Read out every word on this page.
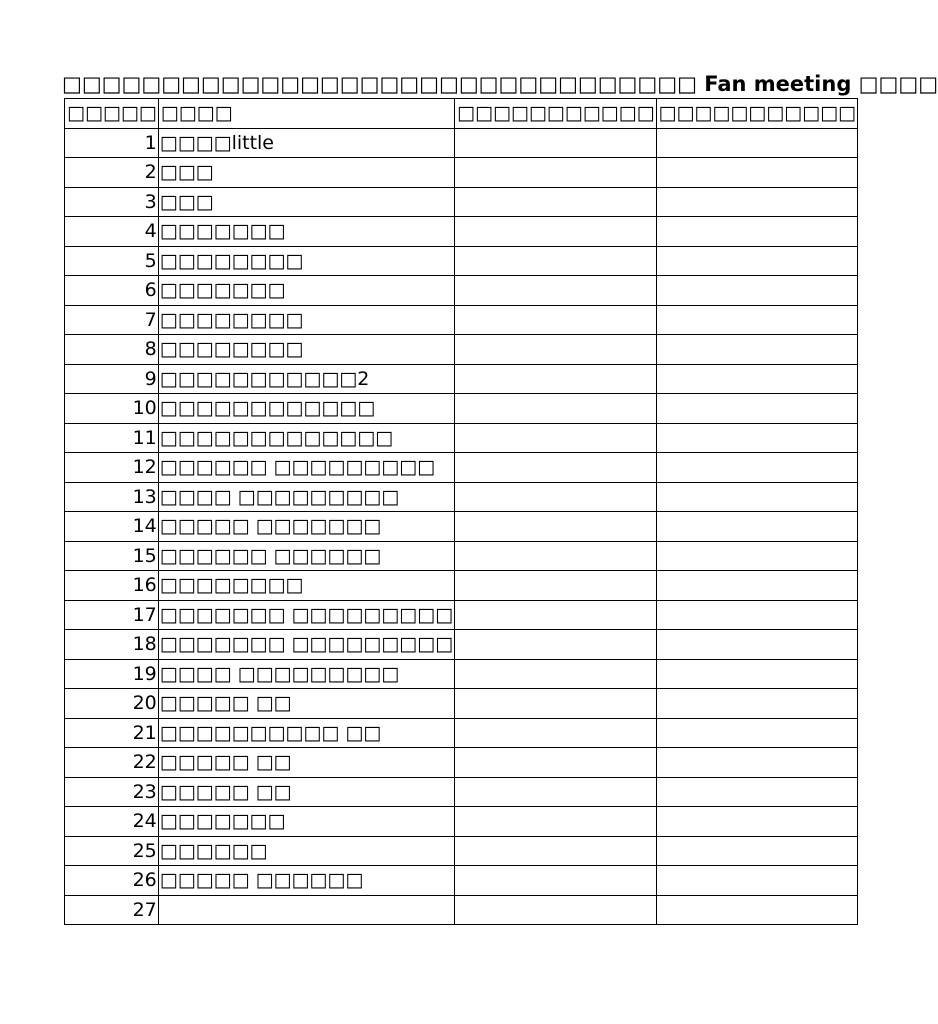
□□□□□□□□□□□□□□□□□□□□□□□□□□□□□□□□ Fan meeting □□□□
□□□□□	□□□□	□□□□□□□□□□□	□□□□□□□□□□□
1	□□□□little		
2	□□□		
3	□□□		
4	□□□□□□□		
5	□□□□□□□□		
6	□□□□□□□		
7	□□□□□□□□		
8	□□□□□□□□		
9	□□□□□□□□□□□2		
10	□□□□□□□□□□□□		
11	□□□□□□□□□□□□□		
12	□□□□□□ □□□□□□□□□		
13	□□□□ □□□□□□□□□		
14	□□□□□ □□□□□□□		
15	□□□□□□ □□□□□□		
16	□□□□□□□□		
17	□□□□□□□ □□□□□□□□□		
18	□□□□□□□ □□□□□□□□□		
19	□□□□ □□□□□□□□□		
20	□□□□□ □□		
21	□□□□□□□□□□ □□		
22	□□□□□ □□		
23	□□□□□ □□		
24	□□□□□□□		
25	□□□□□□		
26	□□□□□ □□□□□□		
27			
